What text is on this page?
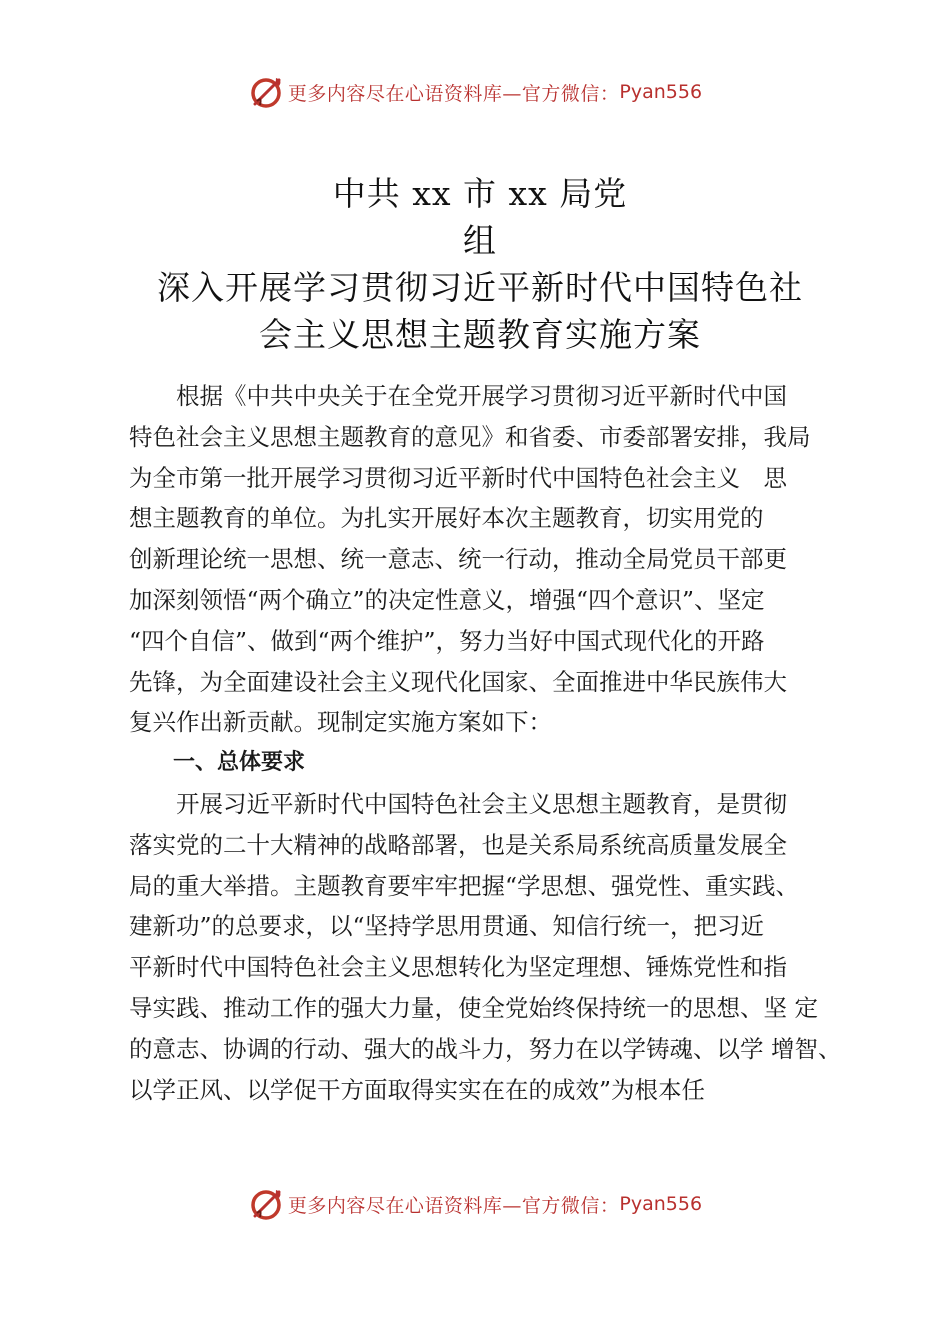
更多内容尽在心语资料库—官方微信： Pyan556
中共 xx 市 xx 局党
组
深入开展学习贯彻习近平新时代中国特色社
会主义思想主题教育实施方案
　　根据《中共中央关于在全党开展学习贯彻习近平新时代中国
特色社会主义思想主题教育的意见》和省委、市委部署安排，我局
为全市第一批开展学习贯彻习近平新时代中国特色社会主义　思
想主题教育的单位。为扎实开展好本次主题教育，切实用党的
创新理论统一思想、统一意志、统一行动，推动全局党员干部更
加深刻领悟“两个确立”的决定性意义，增强“四个意识”、坚定
“四个自信”、做到“两个维护”，努力当好中国式现代化的开路
先锋，为全面建设社会主义现代化国家、全面推进中华民族伟大
复兴作出新贡献。现制定实施方案如下：
　　一、总体要求
　　开展习近平新时代中国特色社会主义思想主题教育，是贯彻
落实党的二十大精神的战略部署，也是关系局系统高质量发展全
局的重大举措。主题教育要牢牢把握“学思想、强党性、重实践、
建新功”的总要求，以“坚持学思用贯通、知信行统一，把习近
平新时代中国特色社会主义思想转化为坚定理想、锤炼党性和指
导实践、推动工作的强大力量，使全党始终保持统一的思想、坚 定
的意志、协调的行动、强大的战斗力，努力在以学铸魂、以学 增智、
以学正风、以学促干方面取得实实在在的成效”为根本任
更多内容尽在心语资料库—官方微信： Pyan556
